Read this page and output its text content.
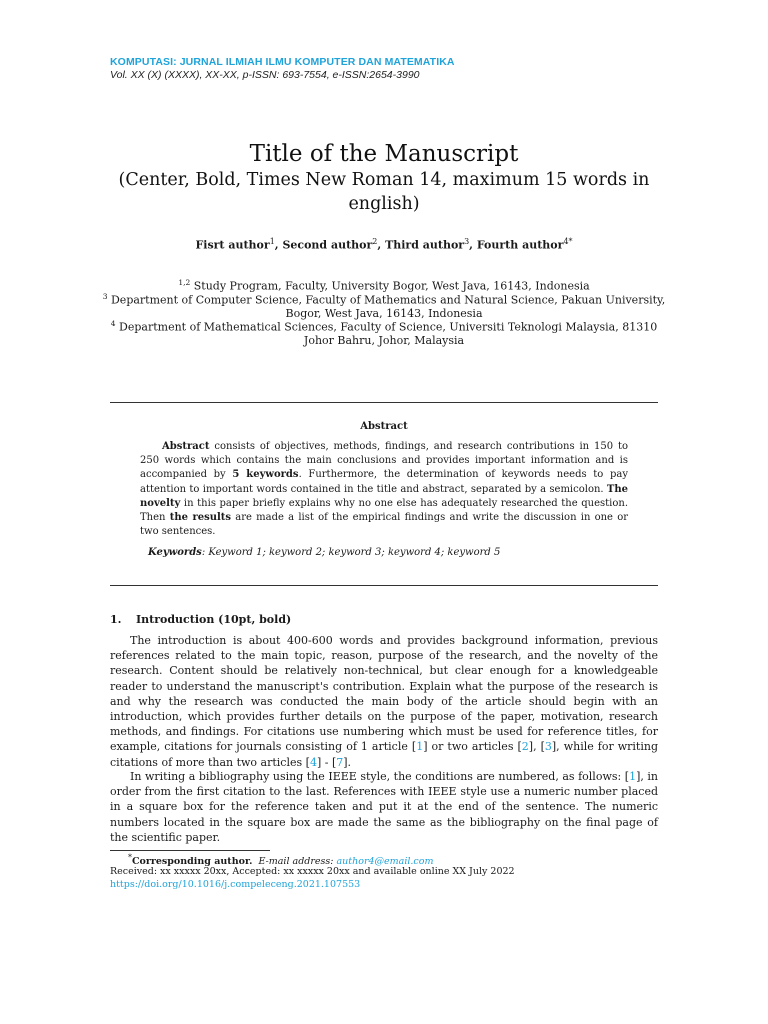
KOMPUTASI: JURNAL ILMIAH ILMU KOMPUTER DAN MATEMATIKA
Vol. XX (X) (XXXX), XX-XX, p-ISSN: 693-7554, e-ISSN:2654-3990
Title of the Manuscript
(Center, Bold, Times New Roman 14, maximum 15 words in english)
Fisrt author$^1$, Second author$^2$, Third author$^3$, Fourth author$^{4*}$
$^{1,2}$ Study Program, Faculty, University Bogor, West Java, 16143, Indonesia
$^3$ Department of Computer Science, Faculty of Mathematics and Natural Science, Pakuan University, Bogor, West Java, 16143, Indonesia
$^4$ Department of Mathematical Sciences, Faculty of Science, Universiti Teknologi Malaysia, 81310 Johor Bahru, Johor, Malaysia
Abstract
Abstract consists of objectives, methods, findings, and research contributions in 150 to 250 words which contains the main conclusions and provides important information and is accompanied by 5 keywords. Furthermore, the determination of keywords needs to pay attention to important words contained in the title and abstract, separated by a semicolon. The novelty in this paper briefly explains why no one else has adequately researched the question. Then the results are made a list of the empirical findings and write the discussion in one or two sentences.
Keywords: Keyword 1; keyword 2; keyword 3; keyword 4; keyword 5
1. Introduction (10pt, bold)
The introduction is about 400-600 words and provides background information, previous references related to the main topic, reason, purpose of the research, and the novelty of the research. Content should be relatively non-technical, but clear enough for a knowledgeable reader to understand the manuscript's contribution. Explain what the purpose of the research is and why the research was conducted the main body of the article should begin with an introduction, which provides further details on the purpose of the paper, motivation, research methods, and findings. For citations use numbering which must be used for reference titles, for example, citations for journals consisting of 1 article [1] or two articles [2], [3], while for writing citations of more than two articles [4] - [7].
In writing a bibliography using the IEEE style, the conditions are numbered, as follows: [1], in order from the first citation to the last. References with IEEE style use a numeric number placed in a square box for the reference taken and put it at the end of the sentence. The numeric numbers located in the square box are made the same as the bibliography on the final page of the scientific paper.
*Corresponding author. E-mail address: author4@email.com
Received: xx xxxxx 20xx, Accepted: xx xxxxx 20xx and available online XX July 2022
https://doi.org/10.1016/j.compeleceng.2021.107553
